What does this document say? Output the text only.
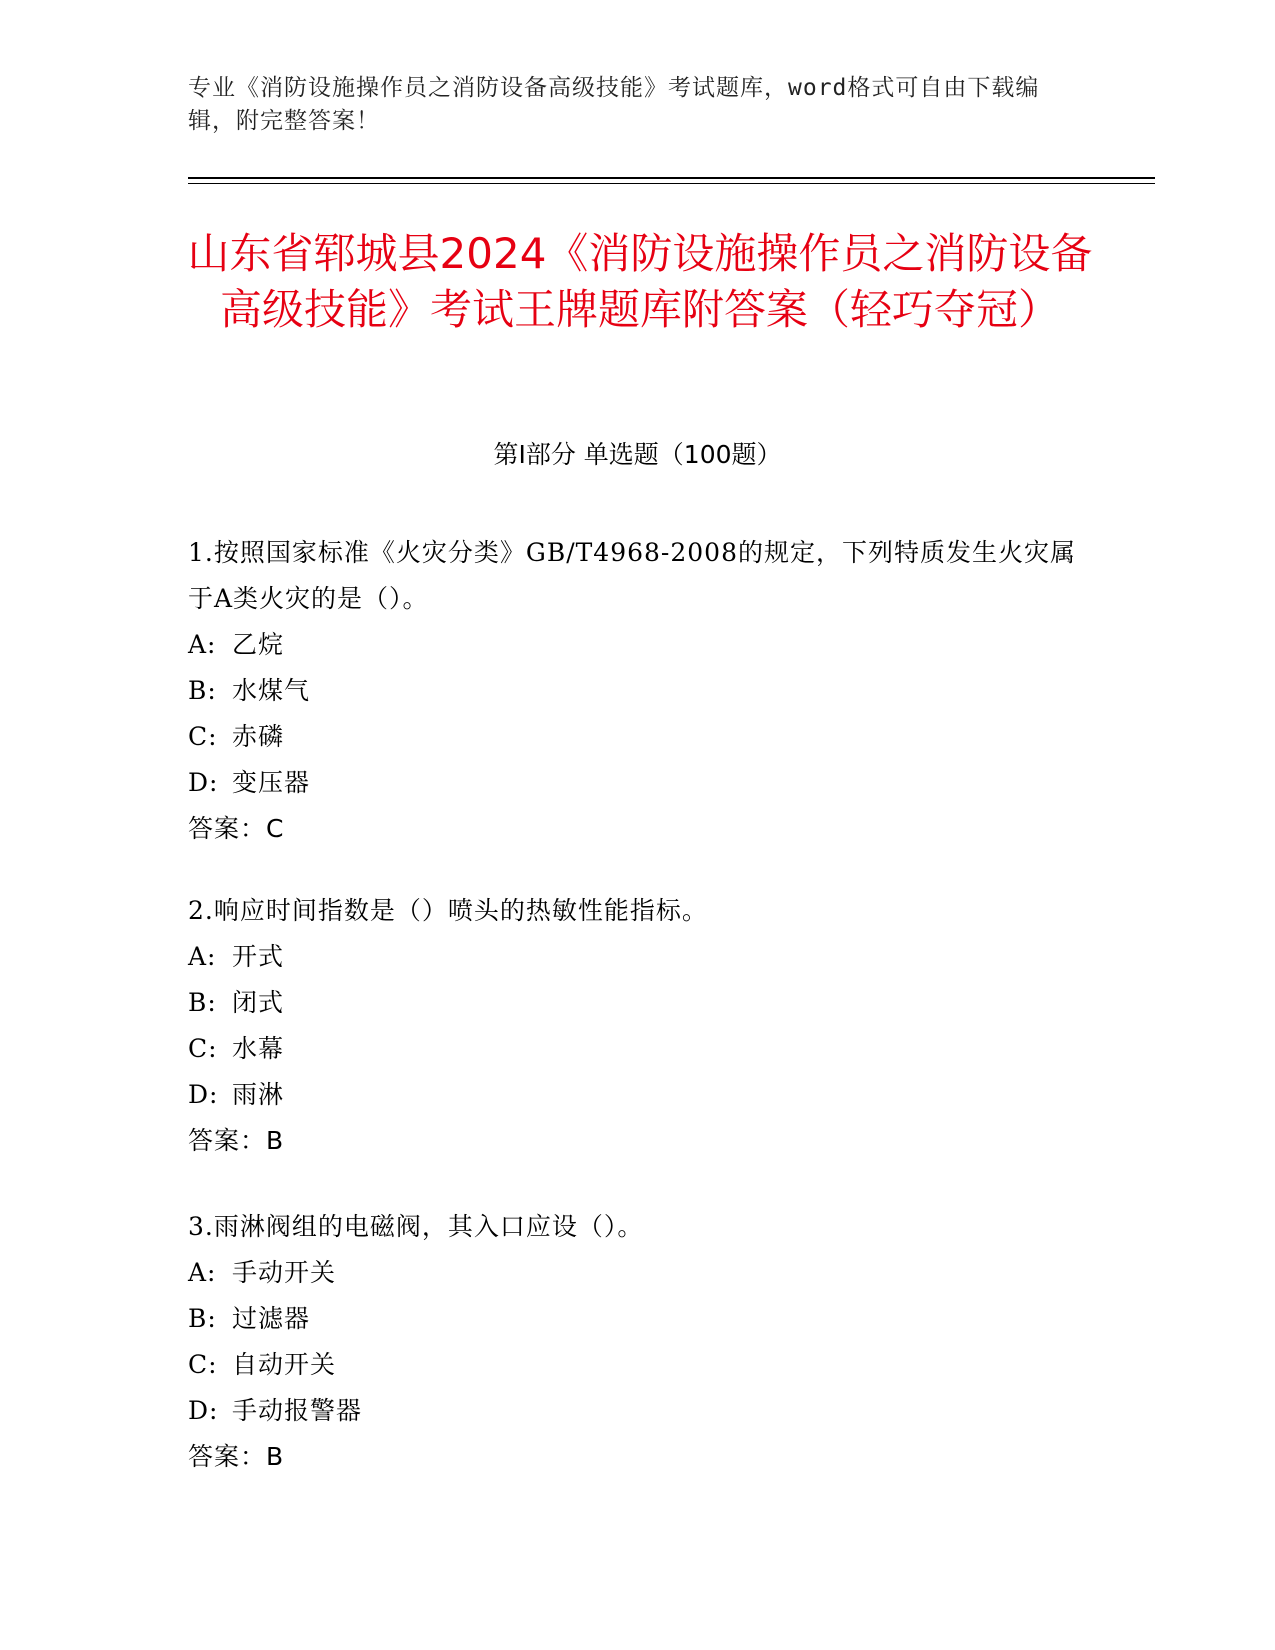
专业《消防设施操作员之消防设备高级技能》考试题库，word格式可自由下载编辑，附完整答案！
山东省郓城县2024《消防设施操作员之消防设备高级技能》考试王牌题库附答案（轻巧夺冠）
第Ⅰ部分 单选题（100题）
1.按照国家标准《火灾分类》GB/T4968-2008的规定，下列特质发生火灾属于A类火灾的是（）。
A: 乙烷
B: 水煤气
C: 赤磷
D: 变压器
答案：C
2.响应时间指数是（）喷头的热敏性能指标。
A: 开式
B: 闭式
C: 水幕
D: 雨淋
答案：B
3.雨淋阀组的电磁阀，其入口应设（）。
A: 手动开关
B: 过滤器
C: 自动开关
D: 手动报警器
答案：B
